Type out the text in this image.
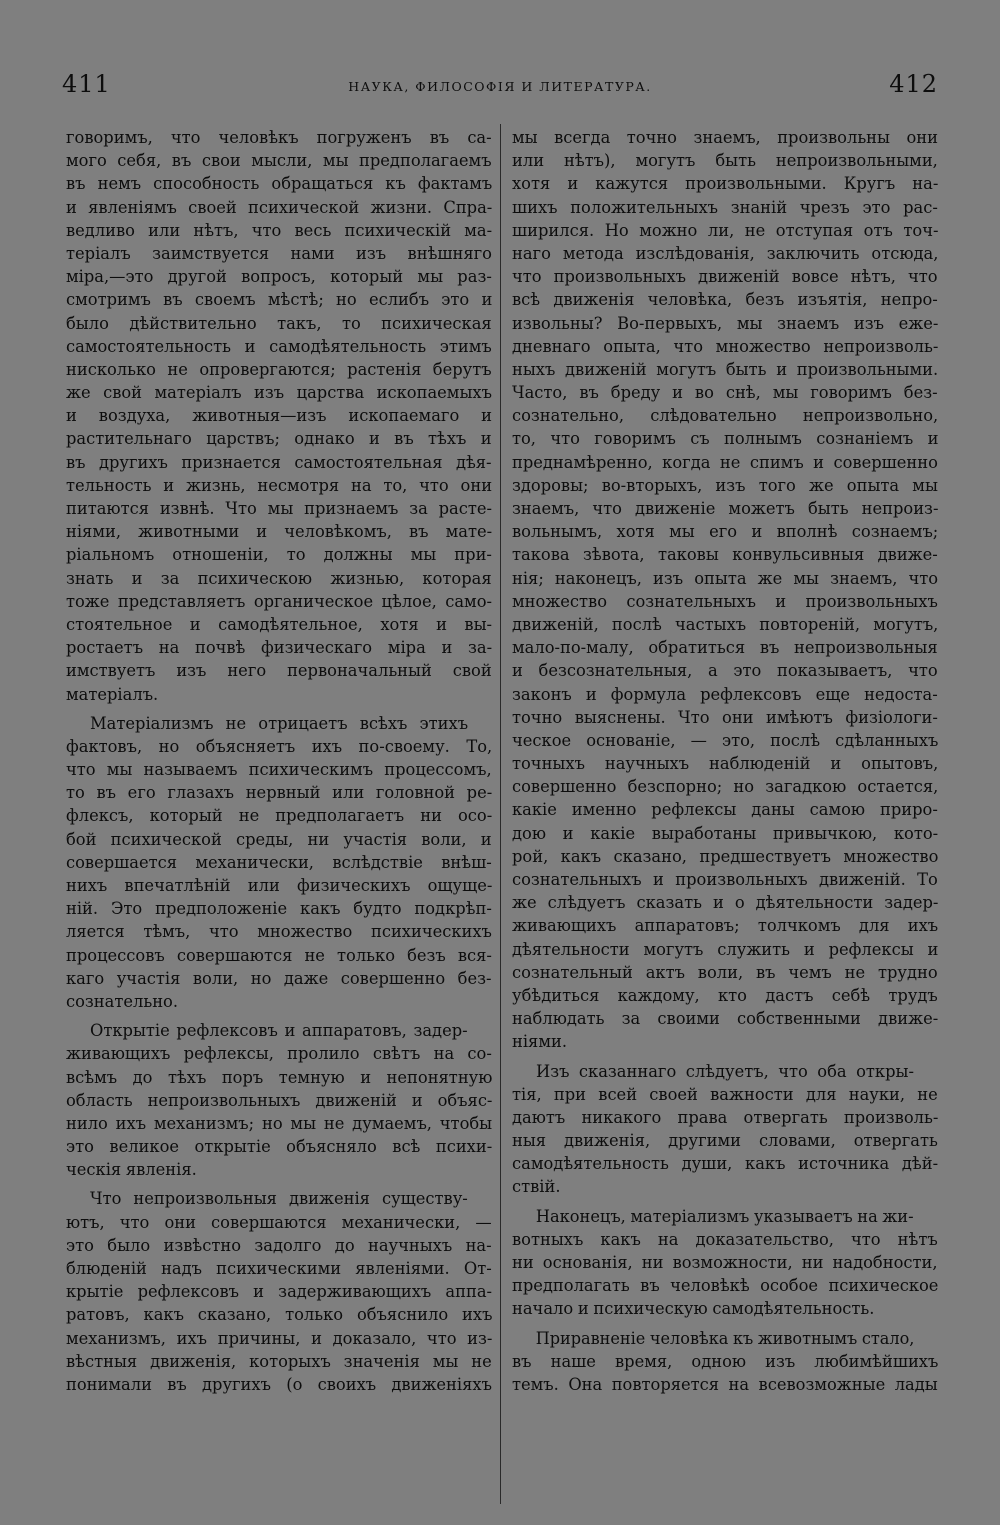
411	НАУКА, ФИЛОСОФІЯ И ЛИТЕРАТУРА.	412
говоримъ, что человѣкъ погруженъ въ са-
мого себя, въ свои мысли, мы предполагаемъ
въ немъ способность обращаться къ фактамъ
и явленіямъ своей психической жизни. Спра-
ведливо или нѣтъ, что весь психическій ма-
теріалъ заимствуется нами изъ внѣшняго
міра,—это другой вопросъ, который мы раз-
смотримъ въ своемъ мѣстѣ; но еслибъ это и
было дѣйствительно такъ, то психическая
самостоятельность и самодѣятельность этимъ
нисколько не опровергаются; растенія берутъ
же свой матеріалъ изъ царства ископаемыхъ
и воздуха, животныя—изъ ископаемаго и
растительнаго царствъ; однако и въ тѣхъ и
въ другихъ признается самостоятельная дѣя-
тельность и жизнь, несмотря на то, что они
питаются извнѣ. Что мы признаемъ за расте-
ніями, животными и человѣкомъ, въ мате-
ріальномъ отношеніи, то должны мы при-
знать и за психическою жизнью, которая
тоже представляетъ органическое цѣлое, само-
стоятельное и самодѣятельное, хотя и вы-
ростаетъ на почвѣ физическаго міра и за-
имствуетъ изъ него первоначальный свой
матеріалъ.
Матеріализмъ не отрицаетъ всѣхъ этихъ
фактовъ, но объясняетъ ихъ по-своему. То,
что мы называемъ психическимъ процессомъ,
то въ его глазахъ нервный или головной ре-
флексъ, который не предполагаетъ ни осо-
бой психической среды, ни участія воли, и
совершается механически, вслѣдствіе внѣш-
нихъ впечатлѣній или физическихъ ощуще-
ній. Это предположеніе какъ будто подкрѣп-
ляется тѣмъ, что множество психическихъ
процессовъ совершаются не только безъ вся-
каго участія воли, но даже совершенно без-
сознательно.
Открытіе рефлексовъ и аппаратовъ, задер-
живающихъ рефлексы, пролило свѣтъ на со-
всѣмъ до тѣхъ поръ темную и непонятную
область непроизвольныхъ движеній и объяс-
нило ихъ механизмъ; но мы не думаемъ, чтобы
это великое открытіе объясняло всѣ психи-
ческія явленія.
Что непроизвольныя движенія существу-
ютъ, что они совершаются механически, —
это было извѣстно задолго до научныхъ на-
блюденій надъ психическими явленіями. От-
крытіе рефлексовъ и задерживающихъ аппа-
ратовъ, какъ сказано, только объяснило ихъ
механизмъ, ихъ причины, и доказало, что из-
вѣстныя движенія, которыхъ значенія мы не
понимали въ другихъ (о своихъ движеніяхъ
мы всегда точно знаемъ, произвольны они
или нѣтъ), могутъ быть непроизвольными,
хотя и кажутся произвольными. Кругъ на-
шихъ положительныхъ знаній чрезъ это рас-
ширился. Но можно ли, не отступая отъ точ-
наго метода изслѣдованія, заключить отсюда,
что произвольныхъ движеній вовсе нѣтъ, что
всѣ движенія человѣка, безъ изъятія, непро-
извольны? Во-первыхъ, мы знаемъ изъ еже-
дневнаго опыта, что множество непроизволь-
ныхъ движеній могутъ быть и произвольными.
Часто, въ бреду и во снѣ, мы говоримъ без-
сознательно, слѣдовательно непроизвольно,
то, что говоримъ съ полнымъ сознаніемъ и
преднамѣренно, когда не спимъ и совершенно
здоровы; во-вторыхъ, изъ того же опыта мы
знаемъ, что движеніе можетъ быть непроиз-
вольнымъ, хотя мы его и вполнѣ сознаемъ;
такова зѣвота, таковы конвульсивныя движе-
нія; наконецъ, изъ опыта же мы знаемъ, что
множество сознательныхъ и произвольныхъ
движеній, послѣ частыхъ повтореній, могутъ,
мало-по-малу, обратиться въ непроизвольныя
и безсознательныя, а это показываетъ, что
законъ и формула рефлексовъ еще недоста-
точно выяснены. Что они имѣютъ физіологи-
ческое основаніе, — это, послѣ сдѣланныхъ
точныхъ научныхъ наблюденій и опытовъ,
совершенно безспорно; но загадкою остается,
какіе именно рефлексы даны самою приро-
дою и какіе выработаны привычкою, кото-
рой, какъ сказано, предшествуетъ множество
сознательныхъ и произвольныхъ движеній. То
же слѣдуетъ сказать и о дѣятельности задер-
живающихъ аппаратовъ; толчкомъ для ихъ
дѣятельности могутъ служить и рефлексы и
сознательный актъ воли, въ чемъ не трудно
убѣдиться каждому, кто дастъ себѣ трудъ
наблюдать за своими собственными движе-
ніями.
Изъ сказаннаго слѣдуетъ, что оба откры-
тія, при всей своей важности для науки, не
даютъ никакого права отвергать произволь-
ныя движенія, другими словами, отвергать
самодѣятельность души, какъ источника дѣй-
ствій.
Наконецъ, матеріализмъ указываетъ на жи-
вотныхъ какъ на доказательство, что нѣтъ
ни основанія, ни возможности, ни надобности,
предполагать въ человѣкѣ особое психическое
начало и психическую самодѣятельность.
Приравненіе человѣка къ животнымъ стало,
въ наше время, одною изъ любимѣйшихъ
темъ. Она повторяется на всевозможные лады
